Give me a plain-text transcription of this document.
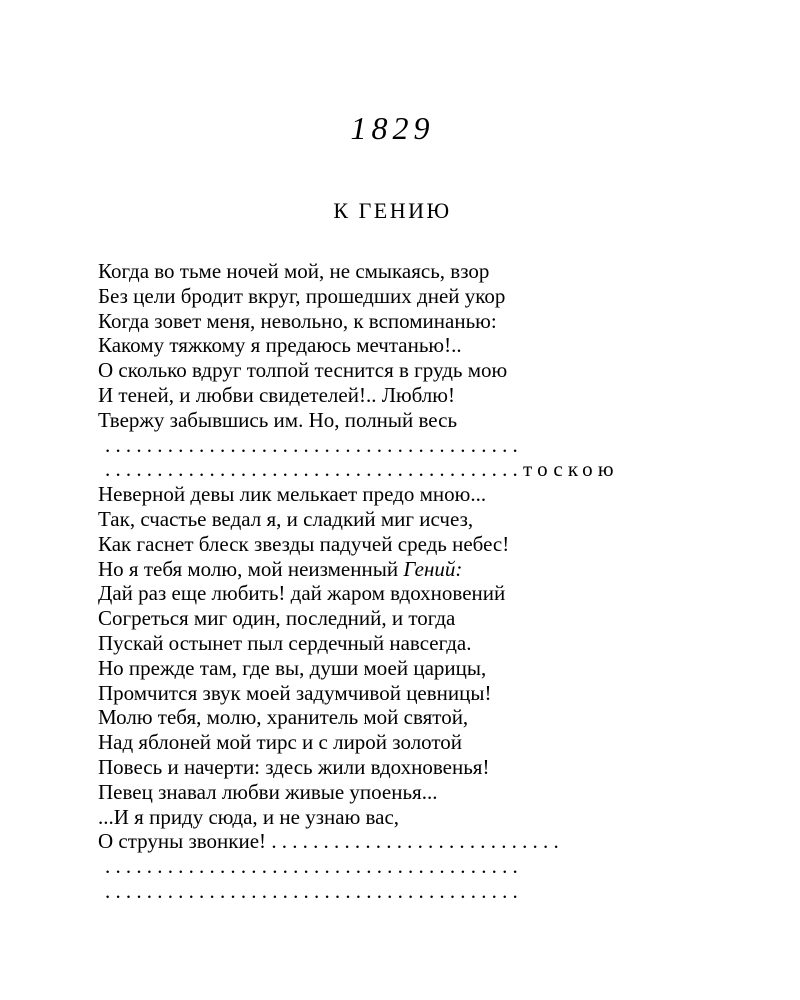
1829
К ГЕНИЮ
Когда во тьме ночей мой, не смыкаясь, взор
Без цели бродит вкруг, прошедших дней укор
Когда зовет меня, невольно, к вспоминанью:
Какому тяжкому я предаюсь мечтанью!..
О сколько вдруг толпой теснится в грудь мою
И теней, и любви свидетелей!.. Люблю!
Твержу забывшись им. Но, полный весь
........................................
........................................тоскою
Неверной девы лик мелькает предо мною...
Так, счастье ведал я, и сладкий миг исчез,
Как гаснет блеск звезды падучей средь небес!
Но я тебя молю, мой неизменный Гений:
Дай раз еще любить! дай жаром вдохновений
Согреться миг один, последний, и тогда
Пускай остынет пыл сердечный навсегда.
Но прежде там, где вы, души моей царицы,
Промчится звук моей задумчивой цевницы!
Молю тебя, молю, хранитель мой святой,
Над яблоней мой тирс и с лирой золотой
Повесь и начерти: здесь жили вдохновенья!
Певец знавал любви живые упоенья...
...И я приду сюда, и не узнаю вас,
О струны звонкие! ............................
........................................
........................................
